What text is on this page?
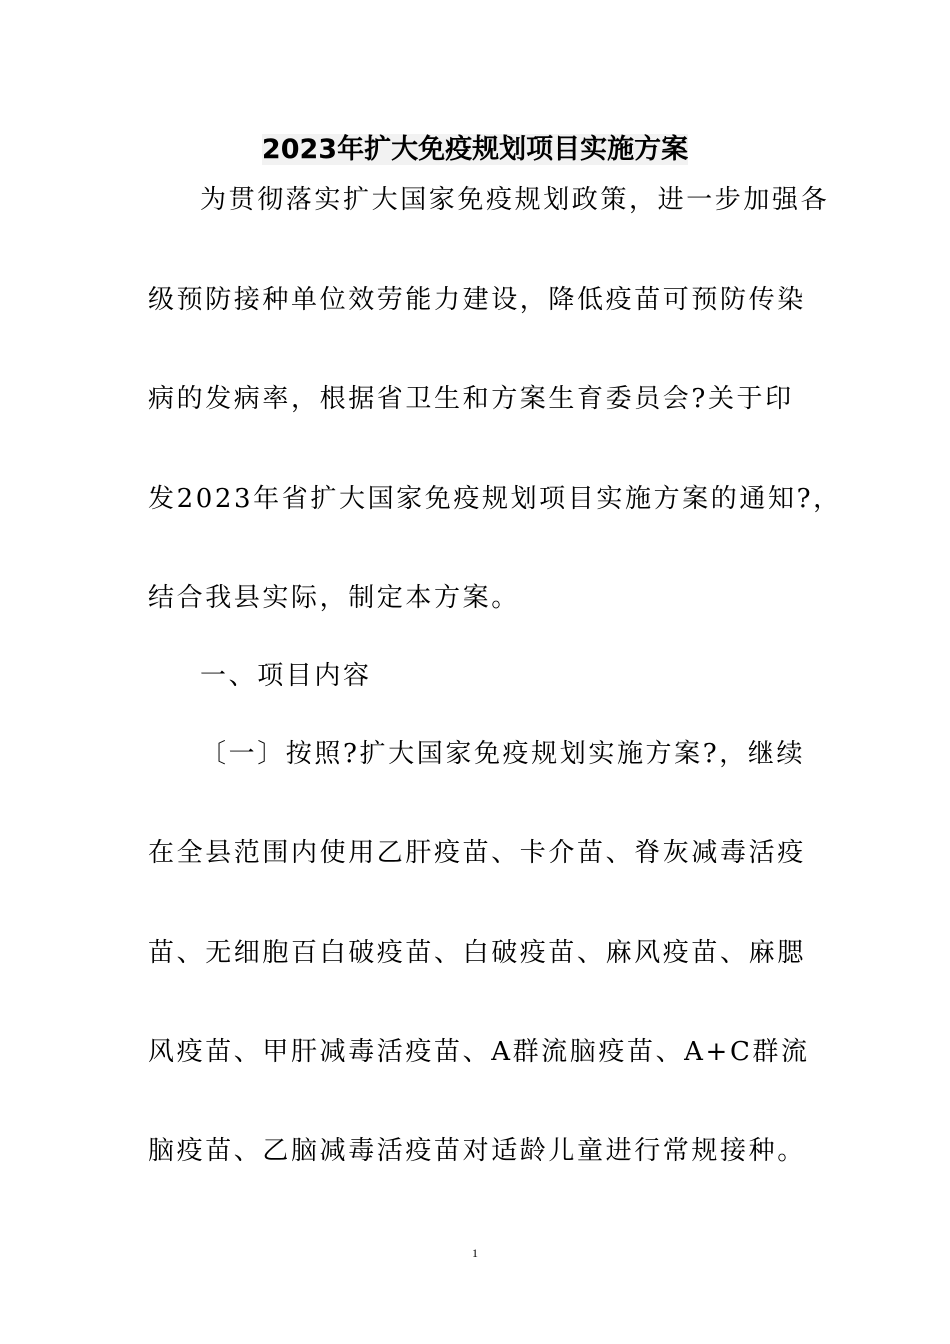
2023年扩大免疫规划项目实施方案
为贯彻落实扩大国家免疫规划政策，进一步加强各
级预防接种单位效劳能力建设，降低疫苗可预防传染
病的发病率，根据省卫生和方案生育委员会?关于印
发2023年省扩大国家免疫规划项目实施方案的通知?，
结合我县实际，制定本方案。
一、项目内容
〔一〕按照?扩大国家免疫规划实施方案?，继续
在全县范围内使用乙肝疫苗、卡介苗、脊灰减毒活疫
苗、无细胞百白破疫苗、白破疫苗、麻风疫苗、麻腮
风疫苗、甲肝减毒活疫苗、A群流脑疫苗、A+C群流
脑疫苗、乙脑减毒活疫苗对适龄儿童进行常规接种。
1
